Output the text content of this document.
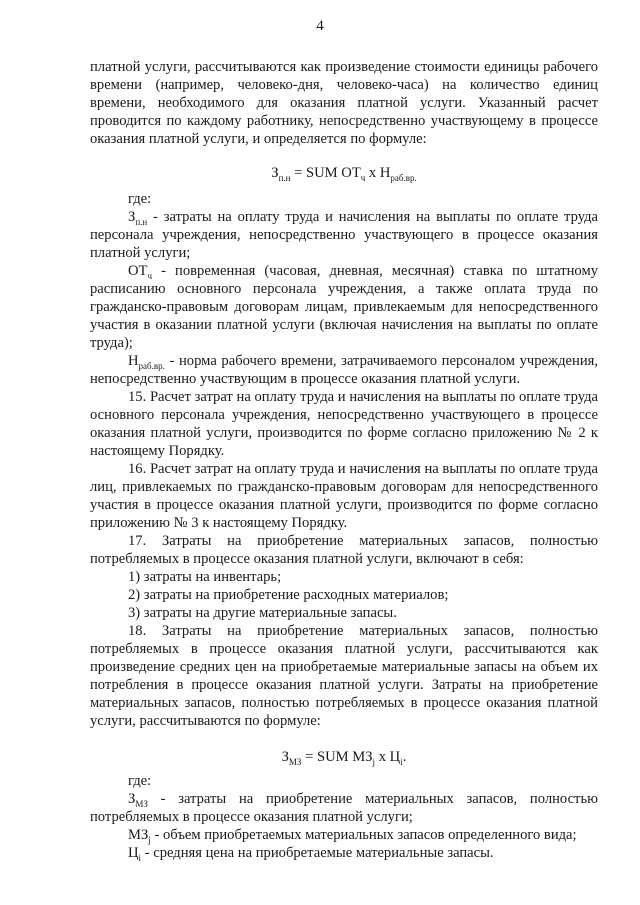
4

платной услуги, рассчитываются как произведение стоимости единицы рабочего времени (например, человеко-дня, человеко-часа) на количество единиц времени, необходимого для оказания платной услуги. Указанный расчет проводится по каждому работнику, непосредственно участвующему в процессе оказания платной услуги, и определяется по формуле:

$З_{п.н}$ = SUM $ОТ_ч$ х $Н_{раб.вр.}$

где:

$З_{п.н}$ - затраты на оплату труда и начисления на выплаты по оплате труда персонала учреждения, непосредственно участвующего в процессе оказания платной услуги;

$ОТ_ч$ - повременная (часовая, дневная, месячная) ставка по штатному расписанию основного персонала учреждения, а также оплата труда по гражданско-правовым договорам лицам, привлекаемым для непосредственного участия в оказании платной услуги (включая начисления на выплаты по оплате труда);

$Н_{раб.вр.}$ - норма рабочего времени, затрачиваемого персоналом учреждения, непосредственно участвующим в процессе оказания платной услуги.

15. Расчет затрат на оплату труда и начисления на выплаты по оплате труда основного персонала учреждения, непосредственно участвующего в процессе оказания платной услуги, производится по форме согласно приложению № 2 к настоящему Порядку.

16. Расчет затрат на оплату труда и начисления на выплаты по оплате труда лиц, привлекаемых по гражданско-правовым договорам для непосредственного участия в процессе оказания платной услуги, производится по форме согласно приложению № 3 к настоящему Порядку.

17. Затраты на приобретение материальных запасов, полностью потребляемых в процессе оказания платной услуги, включают в себя:

1) затраты на инвентарь;

2) затраты на приобретение расходных материалов;

3) затраты на другие материальные запасы.

18. Затраты на приобретение материальных запасов, полностью потребляемых в процессе оказания платной услуги, рассчитываются как произведение средних цен на приобретаемые материальные запасы на объем их потребления в процессе оказания платной услуги. Затраты на приобретение материальных запасов, полностью потребляемых в процессе оказания платной услуги, рассчитываются по формуле:

$З_{МЗ}$ = SUM $МЗ_j$ х $Ц_i$.

где:

$З_{МЗ}$ - затраты на приобретение материальных запасов, полностью потребляемых в процессе оказания платной услуги;

$МЗ_j$ - объем приобретаемых материальных запасов определенного вида;

$Ц_i$ - средняя цена на приобретаемые материальные запасы.
